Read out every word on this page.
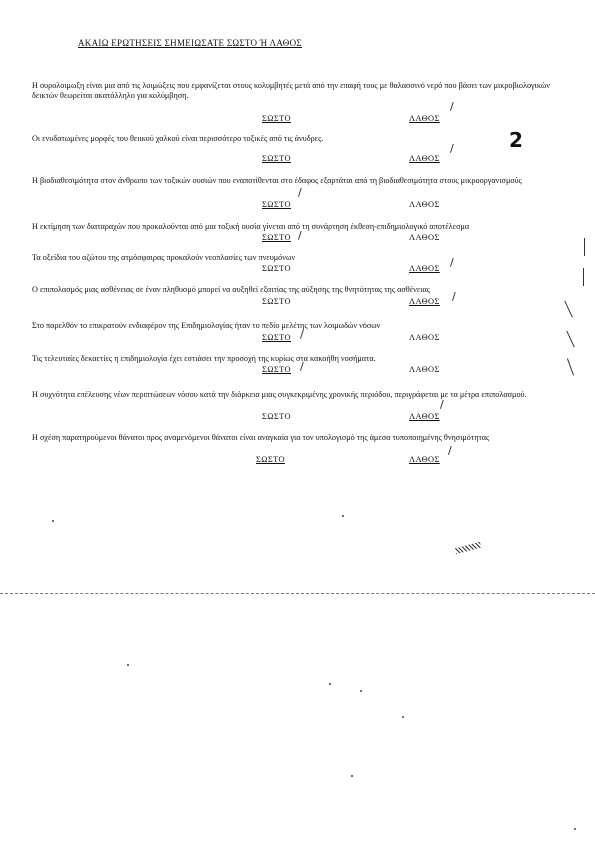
ΑΚΑΙΩ ΕΡΩΤΗΣΕΙΣ ΣΗΜΕΙΩΣΑΤΕ ΣΩΣΤΟ Ή ΛΑΘΟΣ
Η ουρολοιμωξη είναι μια από τις λοιμώξεις που εμφανίζεται στους κολυμβητές μετά από την επαφή τους με θαλασσινό νερό που βάσει των μικροβιολογικών δεικτών θεωρείται ακατάλληλο για κολύμβηση.
ΣΩΣΤΟ	ΛΑΘΟΣ
/
Οι ενυδατωμένες μορφές του θειικού χαλκού είναι περισσότερο τοξικές από τις άνυδρες.
ΣΩΣΤΟ	ΛΑΘΟΣ
/	2
Η βιοδιαθεσιμότητα στον άνθρωπο των τοξικών ουσιών που εναποτίθενται στο έδαφος εξαρτάται από τη βιοδιαθεσιμότητα στους μικροοργανισμούς
ΣΩΣΤΟ	ΛΑΘΟΣ
/
Η εκτίμηση των διαταραχών που προκαλούνται από μια τοξική ουσία γίνεται από τη συνάρτηση έκθεση-επιδημιολογικό αποτέλεσμα
ΣΩΣΤΟ	ΛΑΘΟΣ
/
Τα οξείδια του αζώτου της ατμόσφαιρας προκαλούν νεοπλασίες των πνευμόνων
ΣΩΣΤΟ	ΛΑΘΟΣ /
Ο επιπολασμός μιας ασθένειας σε έναν πληθυσμό μπορεί να αυξηθεί εξαιτίας της αύξησης της θνητότητας της ασθένειας
ΣΩΣΤΟ	ΛΑΘΟΣ /
Στο παρελθόν το επικρατούν ενδιαφέρον της Επιδημιολογίας ήταν το πεδίο μελέτης των λοιμωδών νόσων
ΣΩΣΤΟ	ΛΑΘΟΣ
/
Τις τελευταίες δεκαετίες η επιδημιολογία έχει εστιάσει την προσοχή της κυρίως στα κακοήθη νοσήματα.
ΣΩΣΤΟ	ΛΑΘΟΣ
/
Η συχνότητα επέλευσης νέων περιπτώσεων νόσου κατά την διάρκεια μιας συγκεκριμένης χρονικής περιόδου, περιγράφεται με τα μέτρα επιπολασμού.
ΣΩΣΤΟ	ΛΑΘΟΣ
/
Η σχέση παρατηρούμενοι θάνατοι προς αναμενόμενοι θάνατοι είναι αναγκαία για τον υπολογισμό της άμεσα τυποποιημένης θνησιμότητας
ΣΩΣΤΟ	ΛΑΘΟΣ
/
